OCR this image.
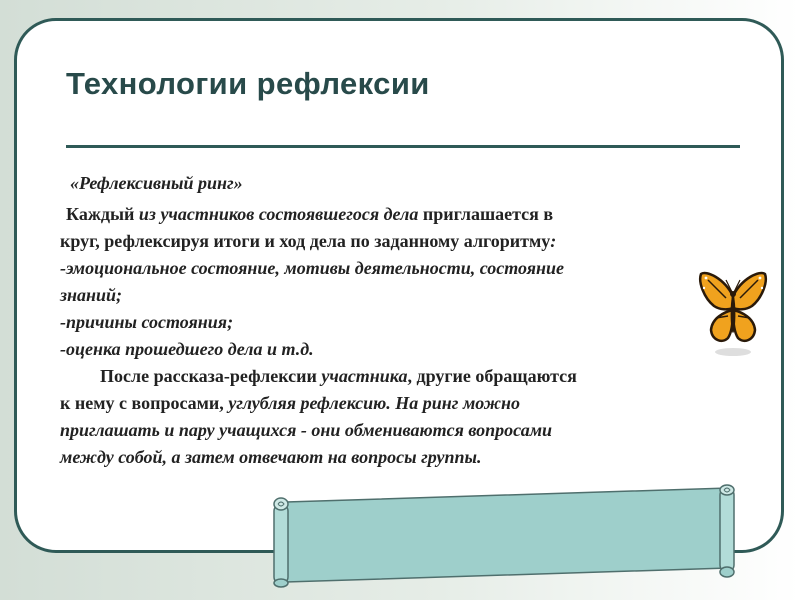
Технологии рефлексии
«Рефлексивный ринг»
Каждый из участников состоявшегося дела приглашается в
круг, рефлексируя итоги и ход дела по заданному алгоритму:
-эмоциональное состояние, мотивы деятельности, состояние
знаний;
-причины состояния;
-оценка прошедшего дела и т.д.
После рассказа-рефлексии участника, другие обращаются
к нему с вопросами, углубляя рефлексию. На ринг можно
приглашать и пару учащихся - они обмениваются вопросами
между собой, а затем отвечают на вопросы группы.
